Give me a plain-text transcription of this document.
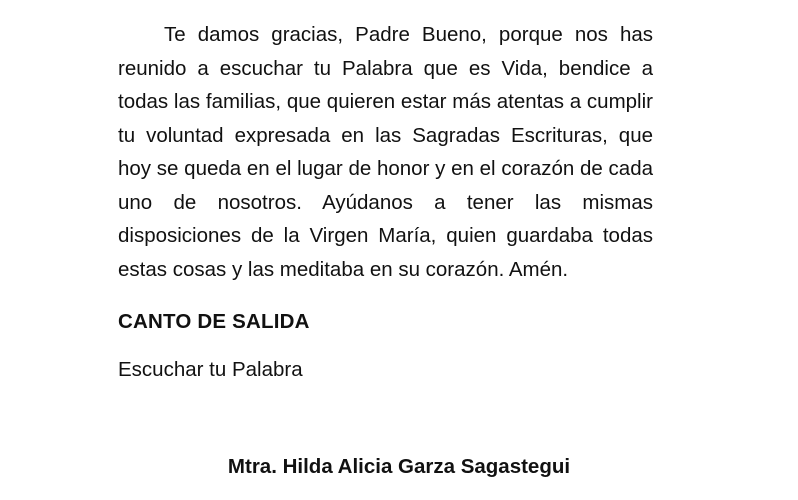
Te damos gracias, Padre Bueno, porque nos has reunido a escuchar tu Palabra que es Vida, bendice a todas las familias, que quieren estar más atentas a cumplir tu voluntad expresada en las Sagradas Escrituras, que hoy se queda en el lugar de honor y en el corazón de cada uno de nosotros. Ayúdanos a tener las mismas disposiciones de la Virgen María, quien guardaba todas estas cosas y las meditaba en su corazón. Amén.

CANTO DE SALIDA

Escuchar tu Palabra

Mtra. Hilda Alicia Garza Sagastegui
